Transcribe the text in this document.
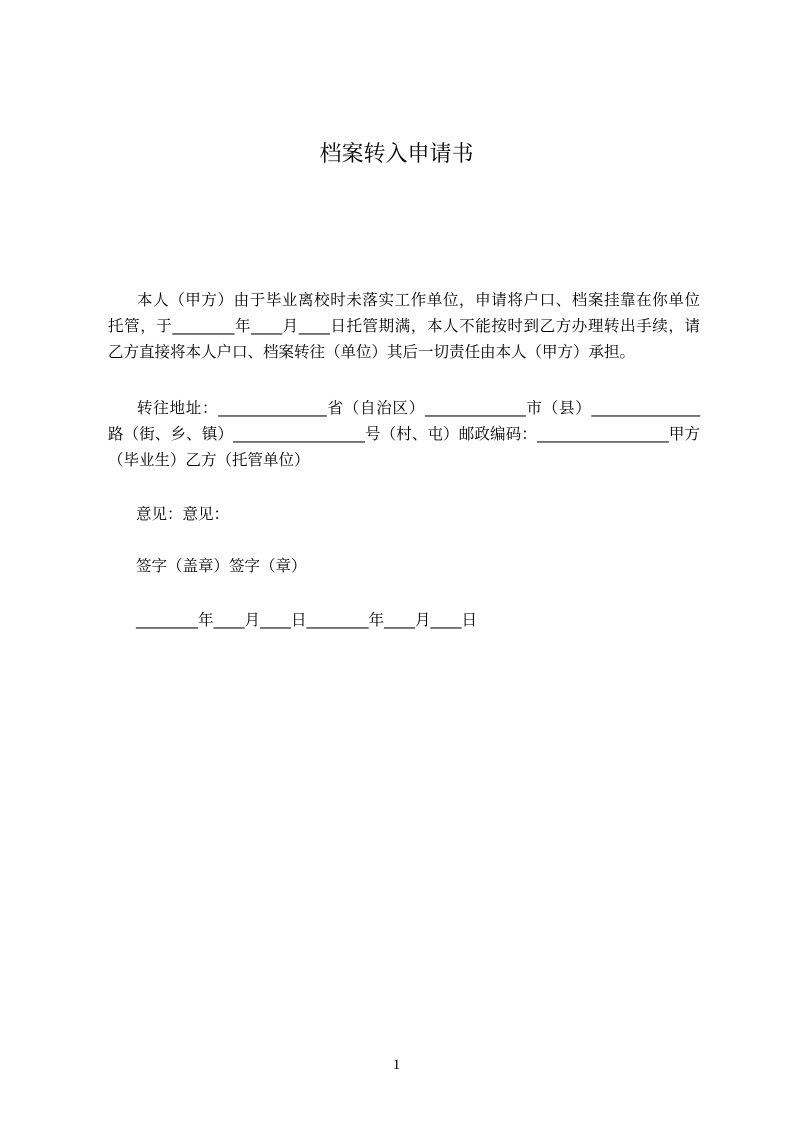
档案转入申请书
本人（甲方）由于毕业离校时未落实工作单位，申请将户口、档案挂靠在你单位
托管，于________年____月____日托管期满，本人不能按时到乙方办理转出手续，请
乙方直接将本人户口、档案转往（单位）其后一切责任由本人（甲方）承担。
转往地址：______________省（自治区）_____________市（县）______________
路（街、乡、镇）_________________号（村、屯）邮政编码：_________________甲方
（毕业生）乙方（托管单位）
意见：意见：
签字（盖章）签字（章）
________年____月____日________年____月____日
1
